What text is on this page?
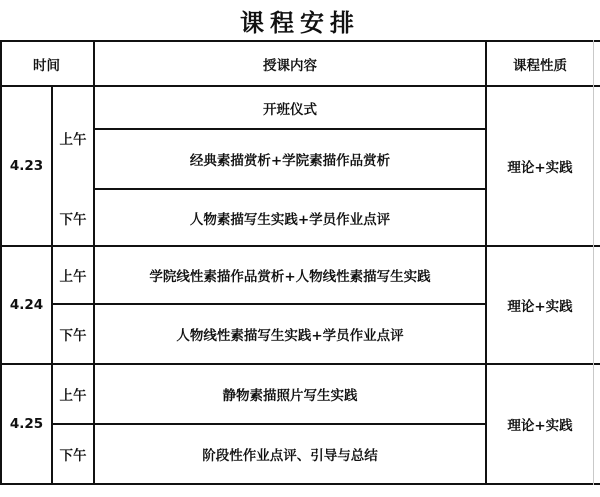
课程安排
时间	授课内容	课程性质
4.23
上午
下午
开班仪式
经典素描赏析+学院素描作品赏析
人物素描写生实践+学员作业点评
理论+实践
4.24
上午
下午
学院线性素描作品赏析+人物线性素描写生实践
人物线性素描写生实践+学员作业点评
理论+实践
4.25
上午
下午
静物素描照片写生实践
阶段性作业点评、引导与总结
理论+实践
